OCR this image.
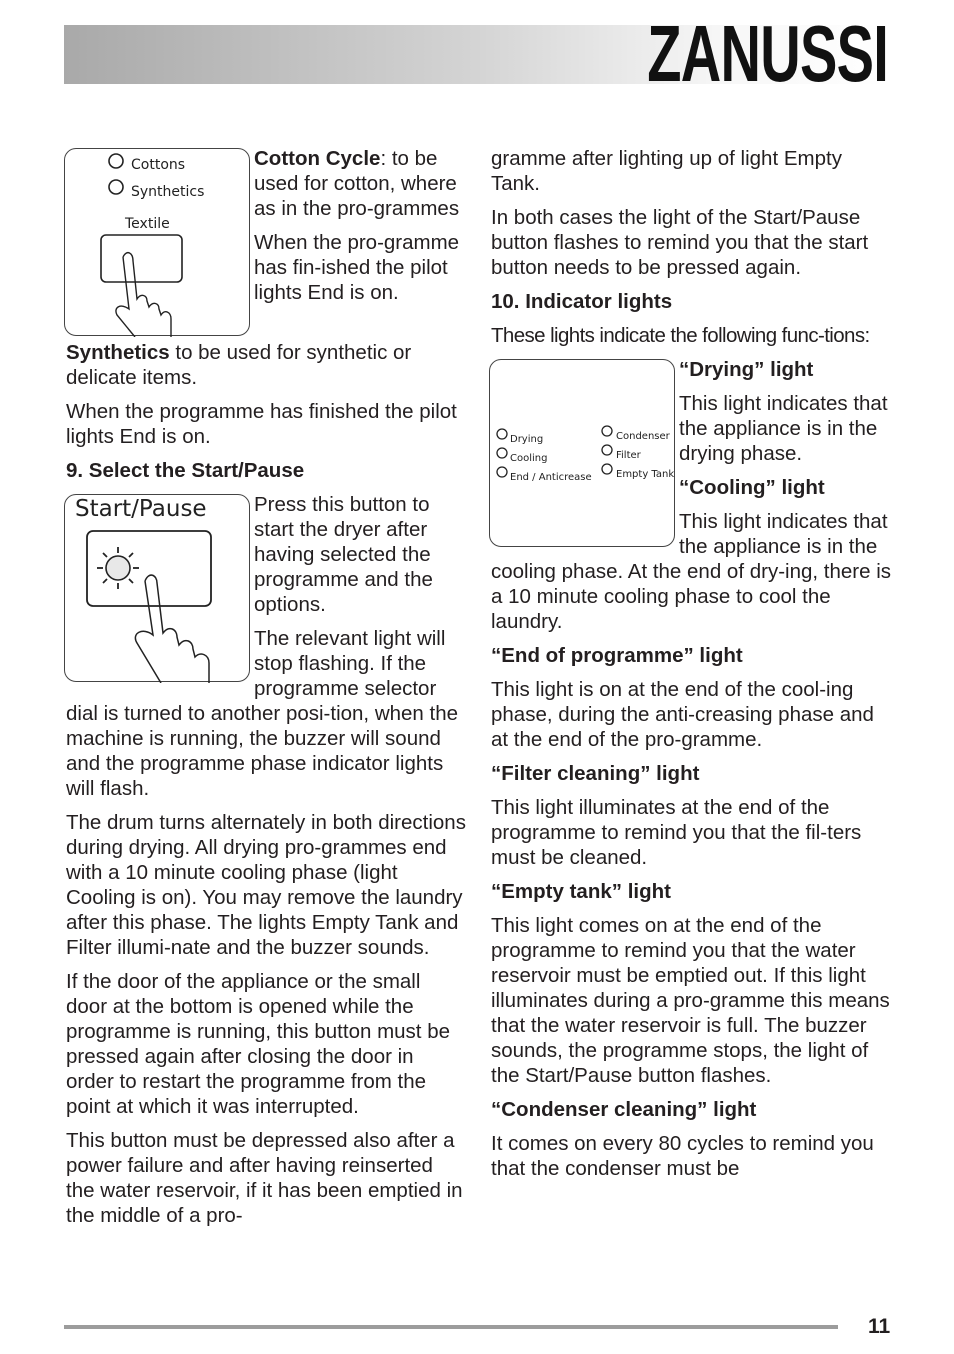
ZANUSSI
Cottons
Synthetics
Textile

Cotton Cycle: to be used for cotton, where as in the pro-grammes

When the pro-gramme has fin-ished the pilot lights End is on.

Synthetics to be used for synthetic or delicate items.

When the programme has finished the pilot lights End is on.

9. Select the Start/Pause

Start/Pause	Press this button to start the dryer after having selected the programme and the options.

The relevant light will stop flashing. If the programme selector dial is turned to another posi-tion, when the machine is running, the buzzer will sound and the programme phase indicator lights will flash.

The drum turns alternately in both directions during drying. All drying pro-grammes end with a 10 minute cooling phase (light Cooling is on). You may remove the laundry after this phase. The lights Empty Tank and Filter illumi-nate and the buzzer sounds.

If the door of the appliance or the small door at the bottom is opened while the programme is running, this button must be pressed again after closing the door in order to restart the programme from the point at which it was interrupted.

This button must be depressed also after a power failure and after having reinserted the water reservoir, if it has been emptied in the middle of a pro-

gramme after lighting up of light Empty Tank.

In both cases the light of the Start/Pause button flashes to remind you that the start button needs to be pressed again.

10. Indicator lights

These lights indicate the following func-tions:

Drying
Cooling
End / Anticrease
Condenser
Filter
Empty Tank

“Drying” light

This light indicates that the appliance is in the drying phase.

“Cooling” light

This light indicates that the appliance is in the cooling phase. At the end of dry-ing, there is a 10 minute cooling phase to cool the laundry.

“End of programme” light

This light is on at the end of the cool-ing phase, during the anti-creasing phase and at the end of the pro-gramme.

“Filter cleaning” light

This light illuminates at the end of the programme to remind you that the fil-ters must be cleaned.

“Empty tank” light

This light comes on at the end of the programme to remind you that the water reservoir must be emptied out. If this light illuminates during a pro-gramme this means that the water reservoir is full. The buzzer sounds, the programme stops, the light of the Start/Pause button flashes.

“Condenser cleaning” light

It comes on every 80 cycles to remind you that the condenser must be

11
